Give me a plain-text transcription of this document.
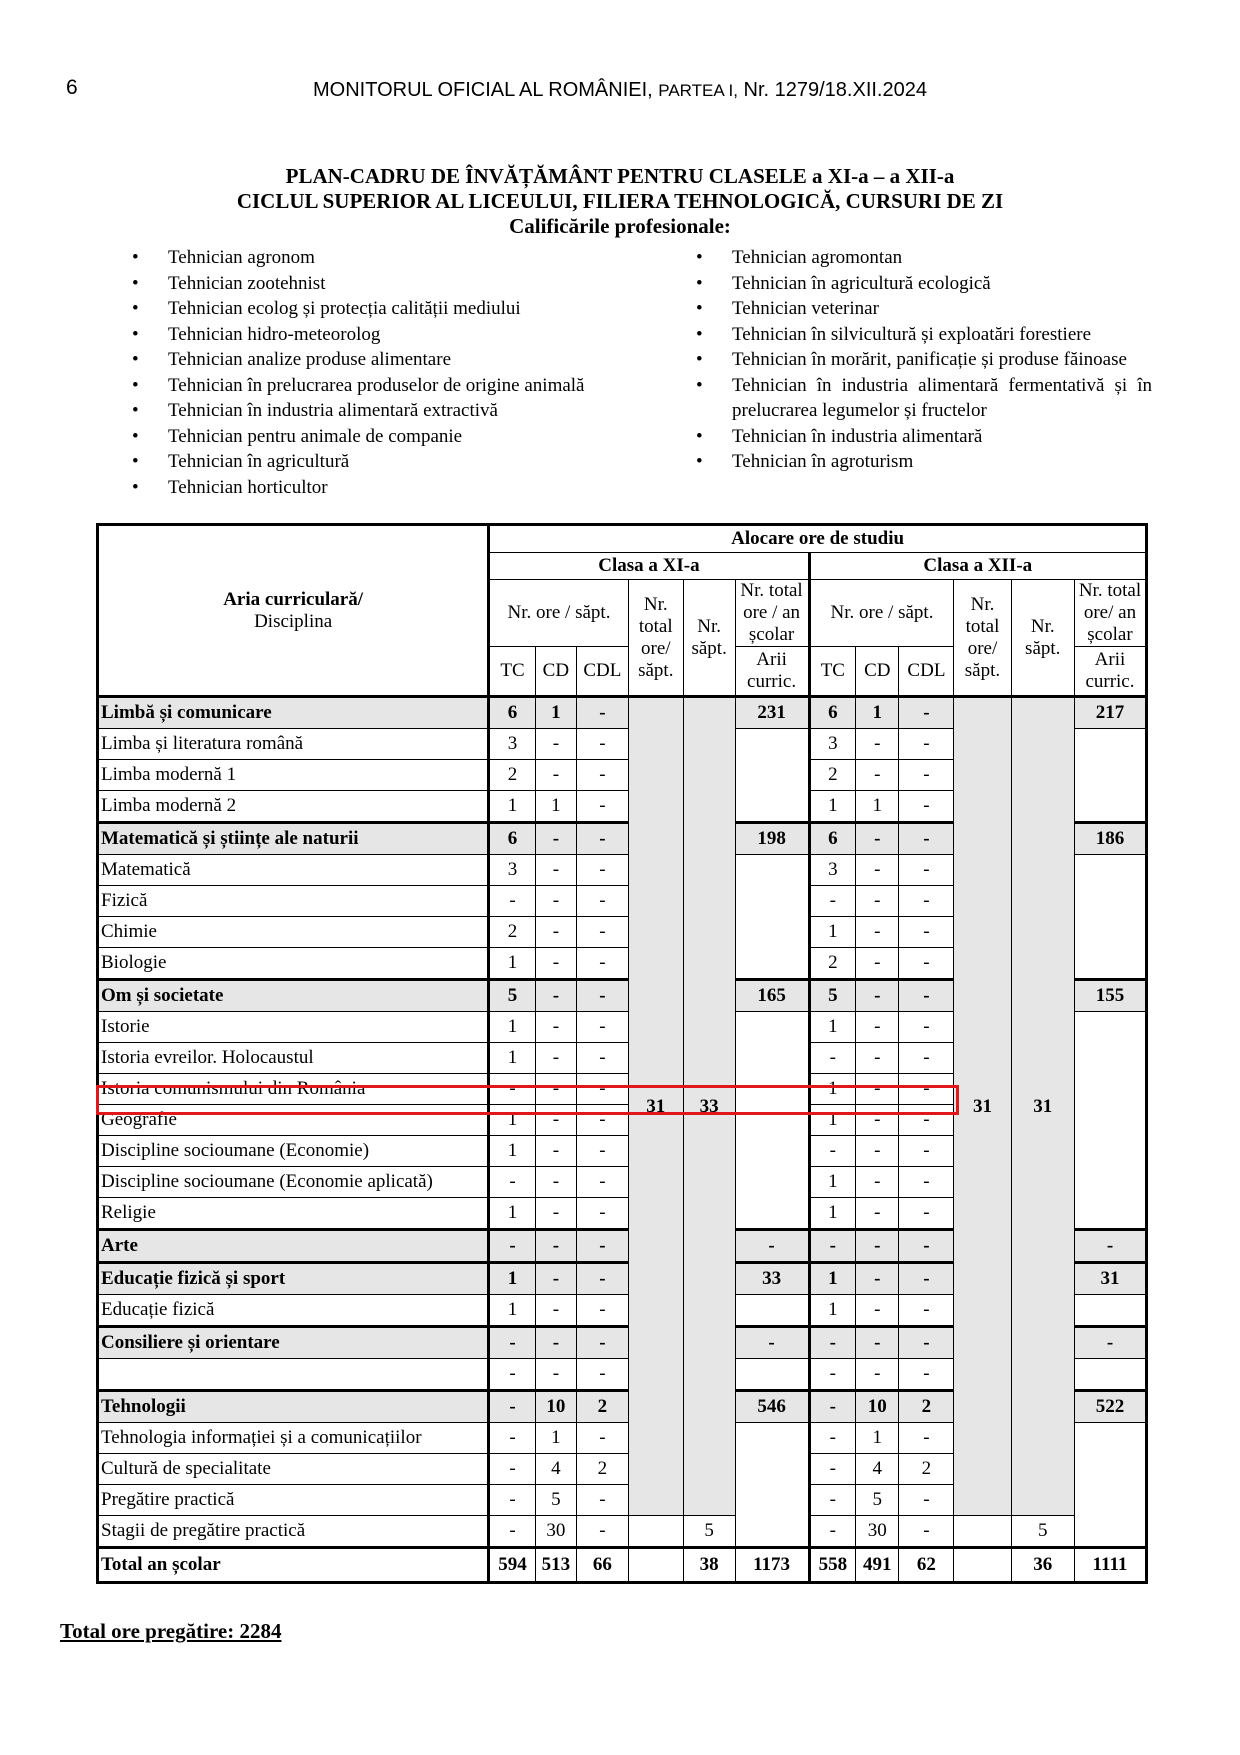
6	MONITORUL OFICIAL AL ROMÂNIEI, PARTEA I, Nr. 1279/18.XII.2024
PLAN-CADRU DE ÎNVĂȚĂMÂNT PENTRU CLASELE a XI-a – a XII-a
CICLUL SUPERIOR AL LICEULUI, FILIERA TEHNOLOGICĂ, CURSURI DE ZI
Calificările profesionale:
• Tehnician agronom
• Tehnician zootehnist
• Tehnician ecolog și protecția calității mediului
• Tehnician hidro-meteorolog
• Tehnician analize produse alimentare
• Tehnician în prelucrarea produselor de origine animală
• Tehnician în industria alimentară extractivă
• Tehnician pentru animale de companie
• Tehnician în agricultură
• Tehnician horticultor
• Tehnician agromontan
• Tehnician în agricultură ecologică
• Tehnician veterinar
• Tehnician în silvicultură și exploatări forestiere
• Tehnician în morărit, panificație și produse făinoase
• Tehnician în industria alimentară fermentativă și în prelucrarea legumelor și fructelor
• Tehnician în industria alimentară
• Tehnician în agroturism
Aria curriculară/
Disciplina	Alocare ore de studiu											
	Clasa a XI-a						Clasa a XII-a					
	Nr. ore / săpt.			Nr. total ore/ săpt.	Nr. săpt.	Nr. total ore / an școlar	Nr. ore / săpt.			Nr. total ore/ săpt.	Nr. săpt.	Nr. total ore/ an școlar
	TC	CD	CDL			Arii curric.	TC	CD	CDL			Arii curric.
Limbă și comunicare	6	1	-	31	33	231	6	1	-	31	31	217
Limba și literatura română	3	-	-				3	-	-			
Limba modernă 1	2	-	-				2	-	-			
Limba modernă 2	1	1	-				1	1	-			
Matematică și științe ale naturii	6	-	-			198	6	-	-			186
Matematică	3	-	-				3	-	-			
Fizică	-	-	-				-	-	-			
Chimie	2	-	-				1	-	-			
Biologie	1	-	-				2	-	-			
Om și societate	5	-	-			165	5	-	-			155
Istorie	1	-	-				1	-	-			
Istoria evreilor. Holocaustul	1	-	-				-	-	-			
Istoria comunismului din România	-	-	-				1	-	-			
Geografie	1	-	-				1	-	-			
Discipline socioumane (Economie)	1	-	-				-	-	-			
Discipline socioumane (Economie aplicată)	-	-	-				1	-	-			
Religie	1	-	-				1	-	-			
Arte	-	-	-			-	-	-	-			-
Educație fizică și sport	1	-	-			33	1	-	-			31
Educație fizică	1	-	-				1	-	-			
Consiliere și orientare	-	-	-			-	-	-	-			-
	-	-	-				-	-	-			
Tehnologii	-	10	2			546	-	10	2			522
Tehnologia informației și a comunicațiilor	-	1	-				-	1	-			
Cultură de specialitate	-	4	2				-	4	2			
Pregătire practică	-	5	-				-	5	-			
Stagii de pregătire practică	-	30	-		5		-	30	-		5	
Total an școlar	594	513	66		38	1173	558	491	62		36	1111
Total ore pregătire: 2284
